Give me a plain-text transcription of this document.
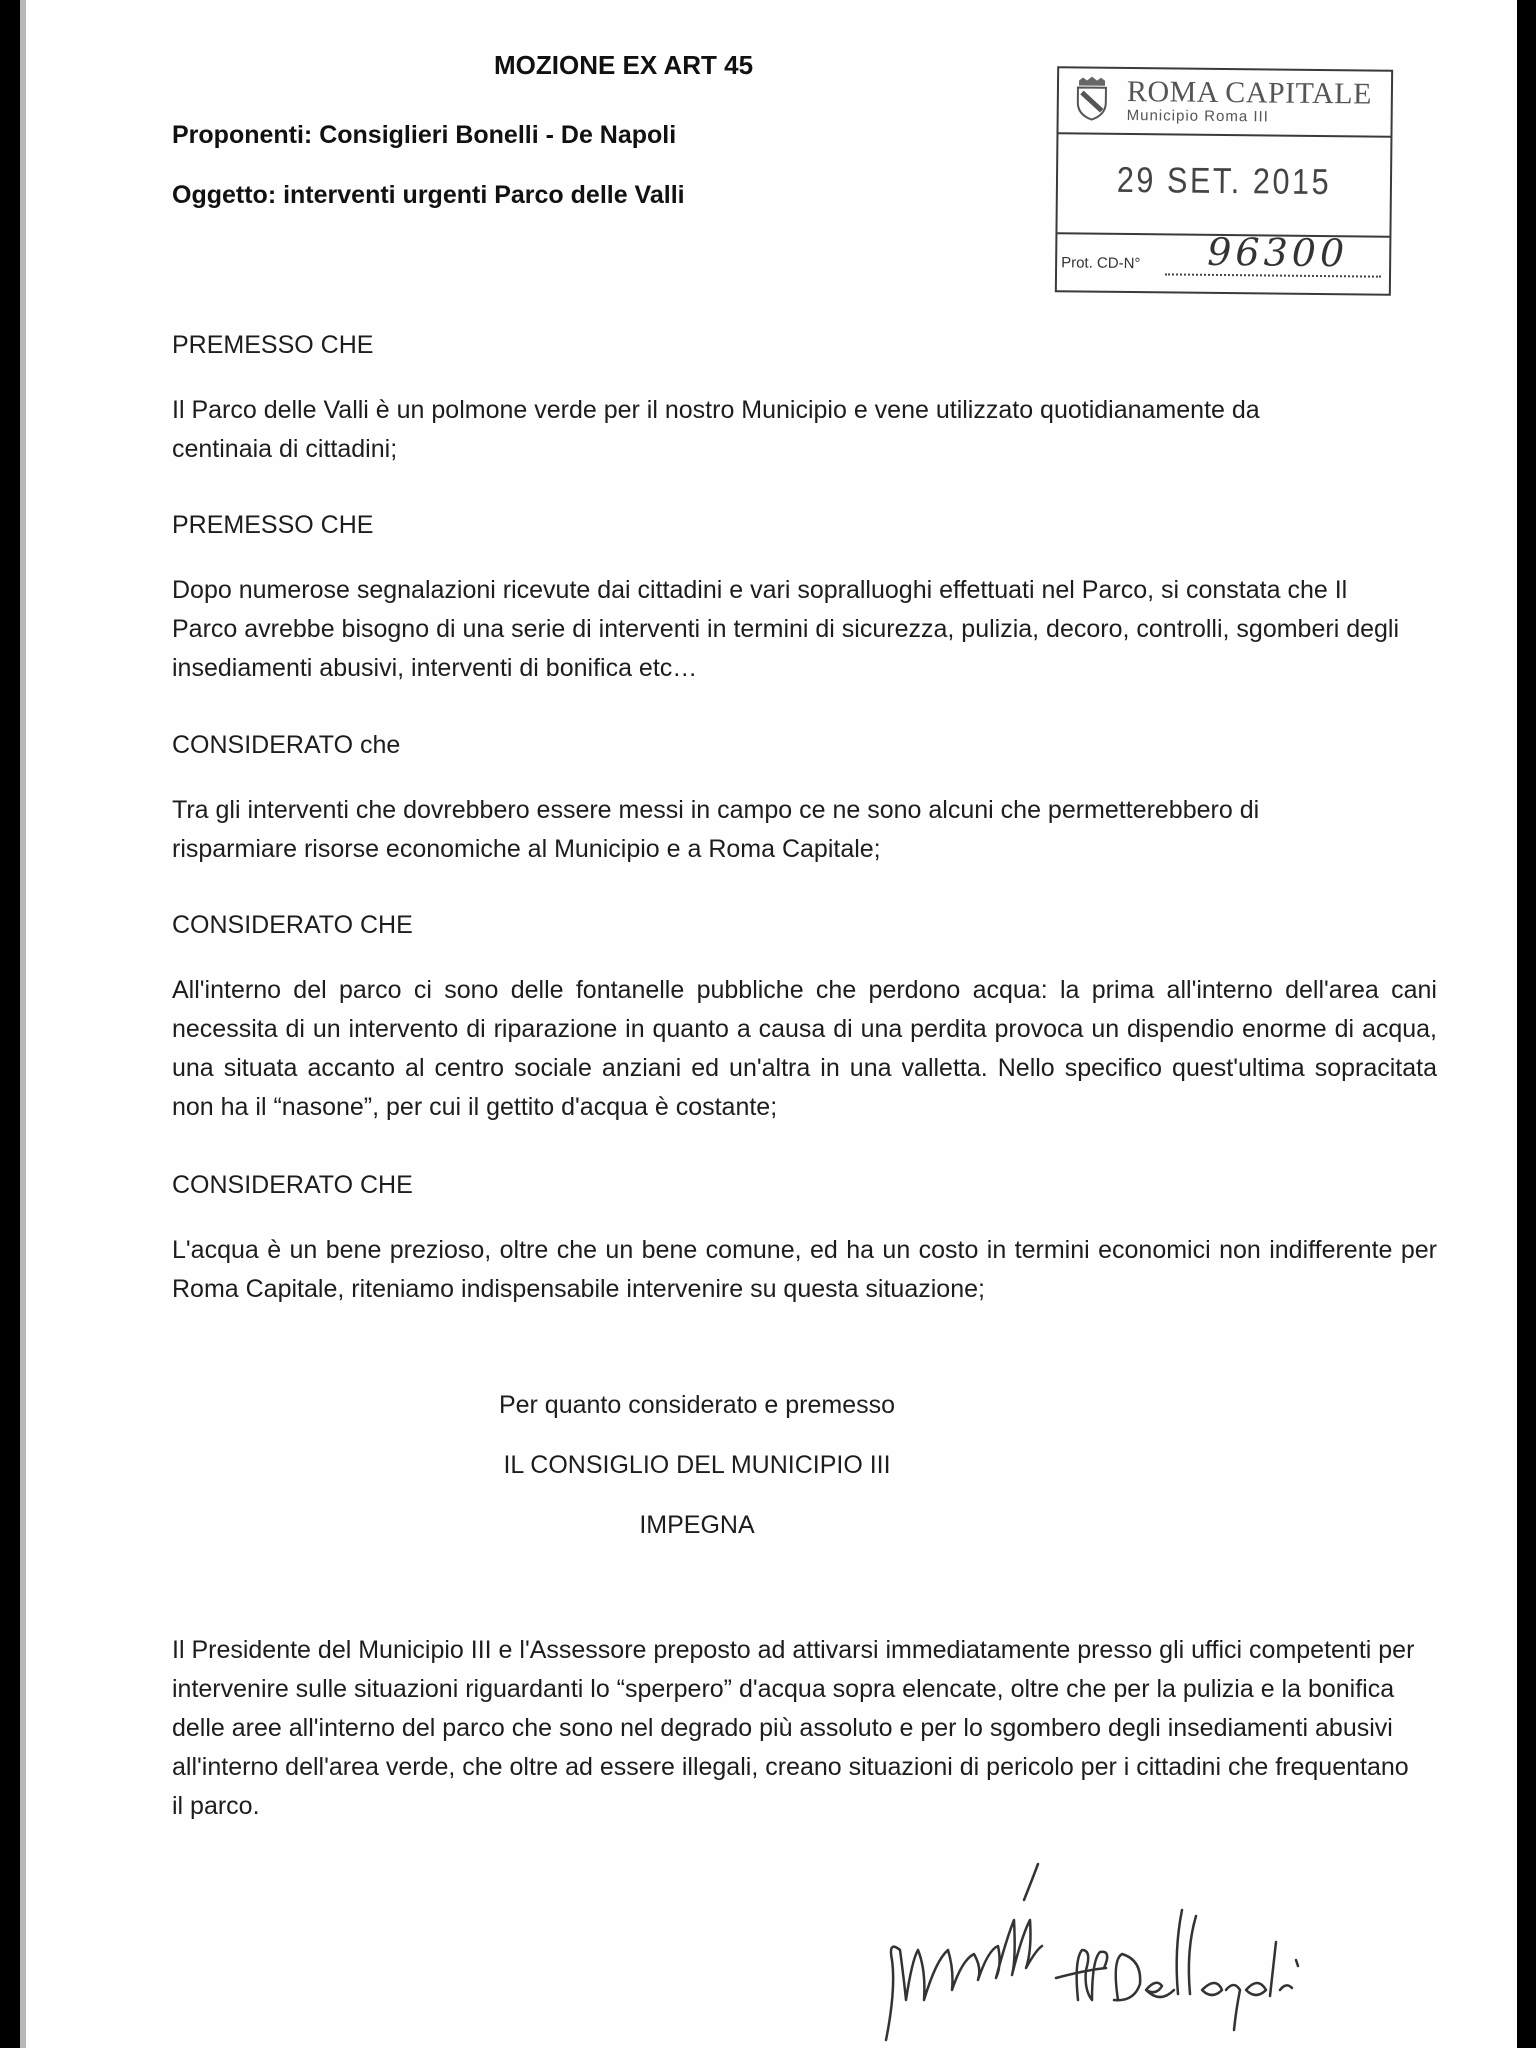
MOZIONE EX ART 45
Proponenti: Consiglieri Bonelli - De Napoli
Oggetto: interventi urgenti Parco delle Valli
ROMA CAPITALE
Municipio Roma III
29 SET. 2015
Prot. CD-N° 96300
PREMESSO CHE
Il Parco delle Valli è un polmone verde per il nostro Municipio e vene utilizzato quotidianamente da centinaia di cittadini;
PREMESSO CHE
Dopo numerose segnalazioni ricevute dai cittadini e vari sopralluoghi effettuati nel Parco, si constata che Il Parco avrebbe bisogno di una serie di interventi in termini di sicurezza, pulizia, decoro, controlli, sgomberi degli insediamenti abusivi, interventi di bonifica etc…
CONSIDERATO che
Tra gli interventi che dovrebbero essere messi in campo ce ne sono alcuni che permetterebbero di risparmiare risorse economiche al Municipio e a Roma Capitale;
CONSIDERATO CHE
All'interno del parco ci sono delle fontanelle pubbliche che perdono acqua: la prima all'interno dell'area cani necessita di un intervento di riparazione in quanto a causa di una perdita provoca un dispendio enorme di acqua, una situata accanto al centro sociale anziani ed un'altra in una valletta. Nello specifico quest'ultima sopracitata non ha il “nasone”, per cui il gettito d'acqua è costante;
CONSIDERATO CHE
L'acqua è un bene prezioso, oltre che un bene comune, ed ha un costo in termini economici non indifferente per Roma Capitale, riteniamo indispensabile intervenire su questa situazione;
Per quanto considerato e premesso
IL CONSIGLIO DEL MUNICIPIO III
IMPEGNA
Il Presidente del Municipio III e l'Assessore preposto ad attivarsi immediatamente presso gli uffici competenti per intervenire sulle situazioni riguardanti lo “sperpero” d'acqua sopra elencate, oltre che per la pulizia e la bonifica delle aree all'interno del parco che sono nel degrado più assoluto e per lo sgombero degli insediamenti abusivi all'interno dell'area verde, che oltre ad essere illegali, creano situazioni di pericolo per i cittadini che frequentano il parco.
